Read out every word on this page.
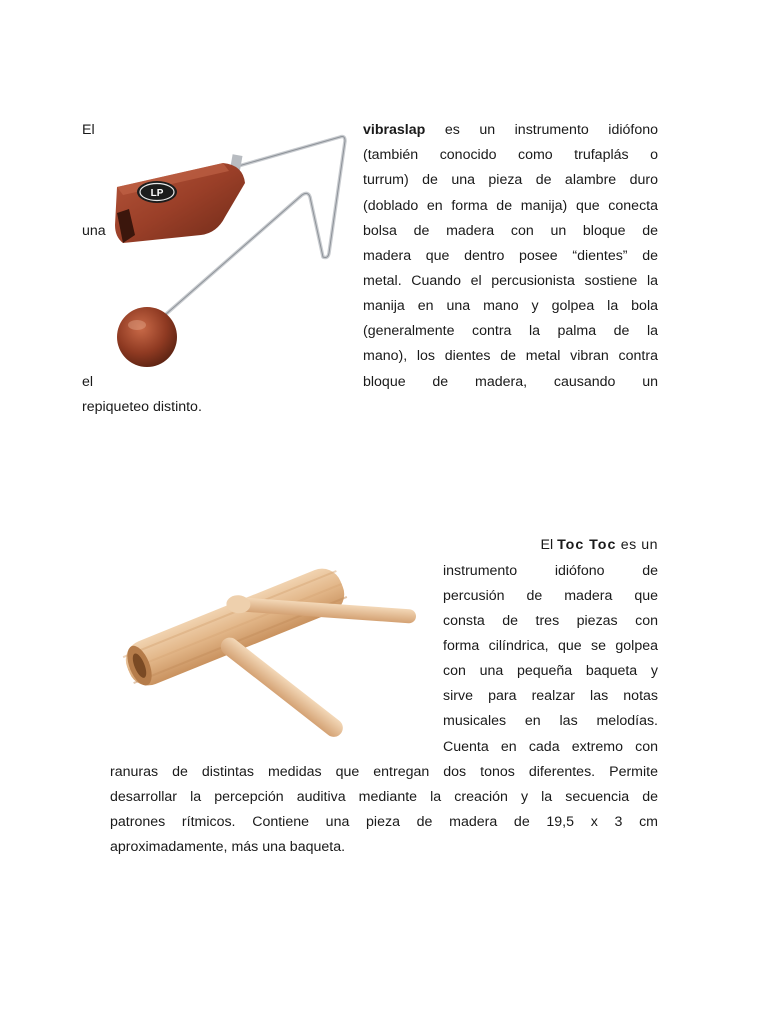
El
una
el
vibraslap es un instrumento idiófono
(también conocido como trufaplás o
turrum) de una pieza de alambre duro
(doblado en forma de manija) que conecta
bolsa de madera con un bloque de
madera que dentro posee “dientes” de
metal. Cuando el percusionista sostiene la
manija en una mano y golpea la bola
(generalmente contra la palma de la
mano), los dientes de metal vibran contra
bloque de madera, causando un
repiqueteo distinto.
LP
El Toc Toc es un
instrumento idiófono de
percusión de madera que
consta de tres piezas con
forma cilíndrica, que se golpea
con una pequeña baqueta y
sirve para realzar las notas
musicales en las melodías.
Cuenta en cada extremo con
ranuras de distintas medidas que entregan dos tonos diferentes. Permite
desarrollar la percepción auditiva mediante la creación y la secuencia de
patrones rítmicos. Contiene una pieza de madera de 19,5 x 3 cm
aproximadamente, más una baqueta.
